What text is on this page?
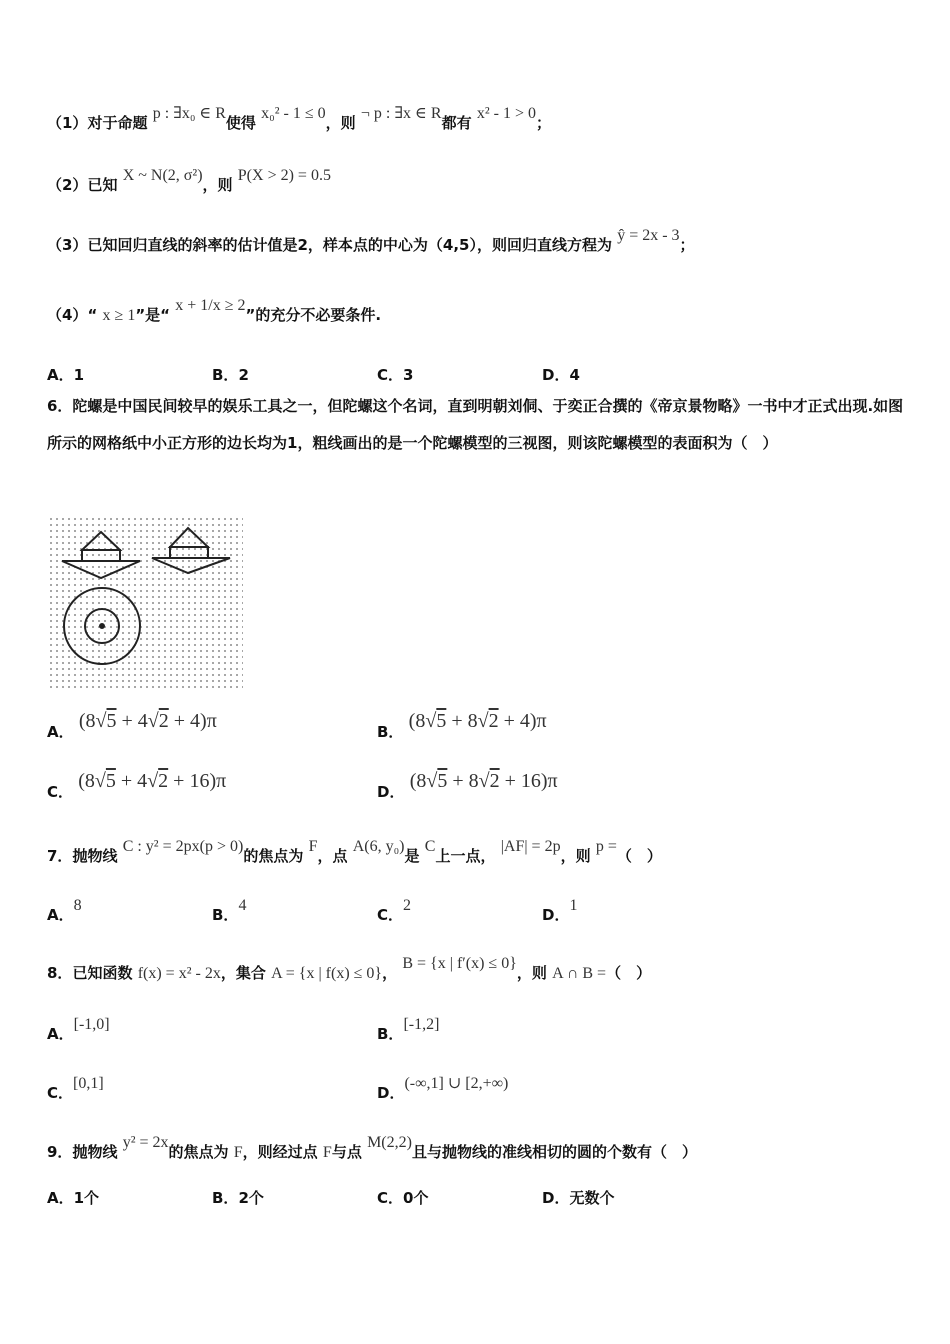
（1）对于命题 p : ∃x₀ ∈ R使得 x₀² - 1 ≤ 0，则 ¬ p : ∃x ∈ R都有 x² - 1 > 0；
（2）已知 X ~ N(2, σ²)，则 P(X > 2) = 0.5
（3）已知回归直线的斜率的估计值是2，样本点的中心为（4,5），则回归直线方程为 ŷ = 2x - 3；
（4）“ x ≥ 1”是“ x + 1/x ≥ 2”的充分不必要条件.
A．1	B．2	C．3	D．4
6．陀螺是中国民间较早的娱乐工具之一，但陀螺这个名词，直到明朝刘侗、于奕正合撰的《帝京景物略》一书中才正式出现.如图所示的网格纸中小正方形的边长均为1，粗线画出的是一个陀螺模型的三视图，则该陀螺模型的表面积为（　）
A． (8√5 + 4√2 + 4)π	B． (8√5 + 8√2 + 4)π
C． (8√5 + 4√2 + 16)π	D． (8√5 + 8√2 + 16)π
7．抛物线 C : y² = 2px(p > 0)的焦点为 F，点 A(6, y₀)是 C上一点， |AF| = 2p，则 p =（　）
A．8
B．4
C．2
D．1
8．已知函数 f(x) = x² - 2x，集合 A = {x | f(x) ≤ 0}， B = {x | f′(x) ≤ 0}，则 A ∩ B =（　）
A．[-1,0]
B．[-1,2]
C．[0,1]
D．(-∞,1] ∪ [2,+∞)
9．抛物线 y² = 2x的焦点为 F，则经过点 F与点 M(2,2)且与抛物线的准线相切的圆的个数有（　）
A．1个	B．2个	C．0个	D．无数个
